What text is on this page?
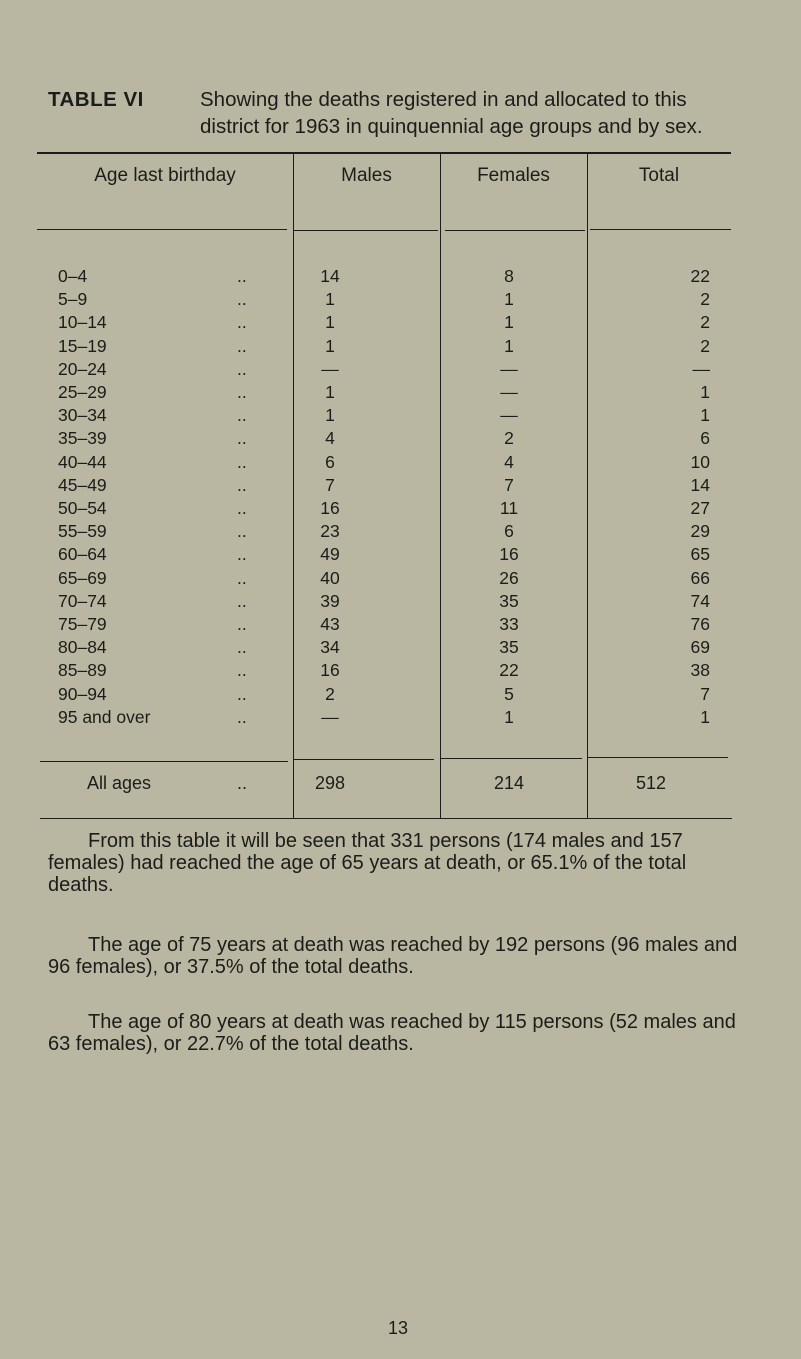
TABLE VI	Showing the deaths registered in and allocated to this district for 1963 in quinquennial age groups and by sex.
Age last birthday	Males	Females	Total
0–4	..	14	8	22
5–9	..	1	1	2
10–14	..	1	1	2
15–19	..	1	1	2
20–24	..	—	—	—
25–29	..	1	—	1
30–34	..	1	—	1
35–39	..	4	2	6
40–44	..	6	4	10
45–49	..	7	7	14
50–54	..	16	11	27
55–59	..	23	6	29
60–64	..	49	16	65
65–69	..	40	26	66
70–74	..	39	35	74
75–79	..	43	33	76
80–84	..	34	35	69
85–89	..	16	22	38
90–94	..	2	5	7
95 and over	..	—	1	1
All ages	..	298	214	512

From this table it will be seen that 331 persons (174 males and 157 females) had reached the age of 65 years at death, or 65.1% of the total deaths.

The age of 75 years at death was reached by 192 persons (96 males and 96 females), or 37.5% of the total deaths.

The age of 80 years at death was reached by 115 persons (52 males and 63 females), or 22.7% of the total deaths.

13
